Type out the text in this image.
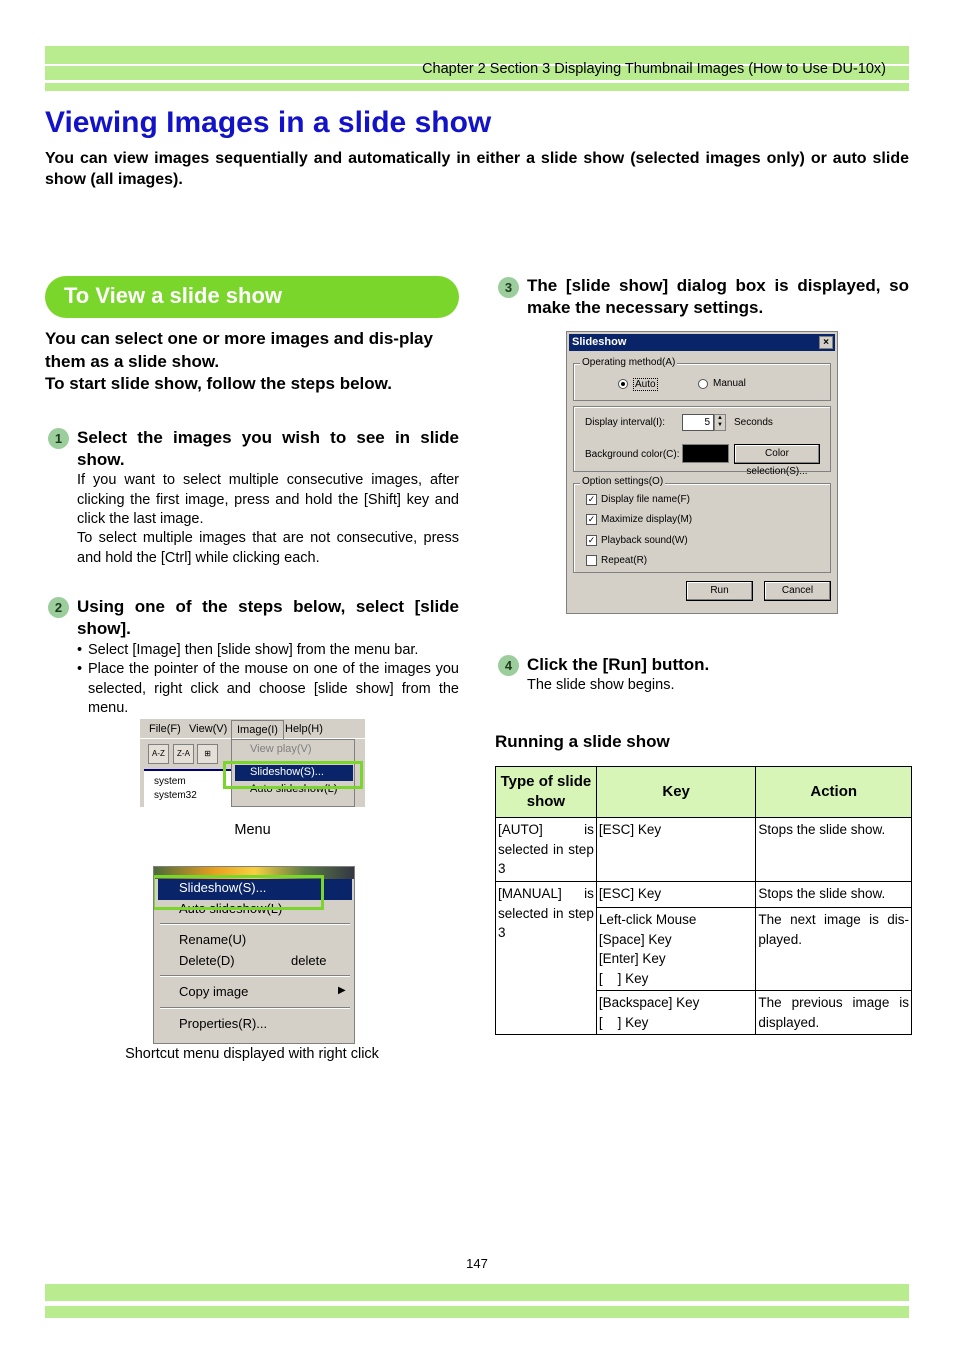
Chapter 2 Section 3 Displaying Thumbnail Images (How to Use DU-10x)
Viewing Images in a slide show
You can view images sequentially and automatically in either a slide show (selected images only) or auto slide show (all images).
To View a slide show
You can select one or more images and dis-play them as a slide show.
To start slide show, follow the steps below.
1 Select the images you wish to see in slide show.
If you want to select multiple consecutive images, after clicking the first image, press and hold the [Shift] key and click the last image.
To select multiple images that are not consecutive, press and hold the [Ctrl] while clicking each.
2 Using one of the steps below, select [slide show].
• Select [Image] then [slide show] from the menu bar.
• Place the pointer of the mouse on one of the images you selected, right click and choose [slide show] from the menu.
File(F) View(V) Image(I) Help(H)
A-Z	Z-A	⊞
system
system32
View play(V)
Slideshow(S)...
Auto slideshow(L)
Menu
Slideshow(S)...
Auto slideshow(L)
Rename(U)
Delete(D)	delete
Copy image	▶
Properties(R)...
Shortcut menu displayed with right click
3 The [slide show] dialog box is displayed, so make the necessary settings.
Slideshow	×
Operating method(A)
Auto	Manual
Display interval(I):	5	▲
▼	Seconds
Background color(C):	Color selection(S)...
Option settings(O)
✓ Display file name(F)
✓ Maximize display(M)
✓ Playback sound(W)
Repeat(R)
Run	Cancel
4 Click the [Run] button.
The slide show begins.
Running a slide show
Type of slide show	Key	Action
[AUTO] is selected in step 3	[ESC] Key	Stops the slide show.
[MANUAL] is selected in step 3	[ESC] Key	Stops the slide show.

	Left-click Mouse
[Space] Key
[Enter] Key
[    ] Key	The next image is dis-played.

	[Backspace] Key
[    ] Key	The previous image is displayed.
147
